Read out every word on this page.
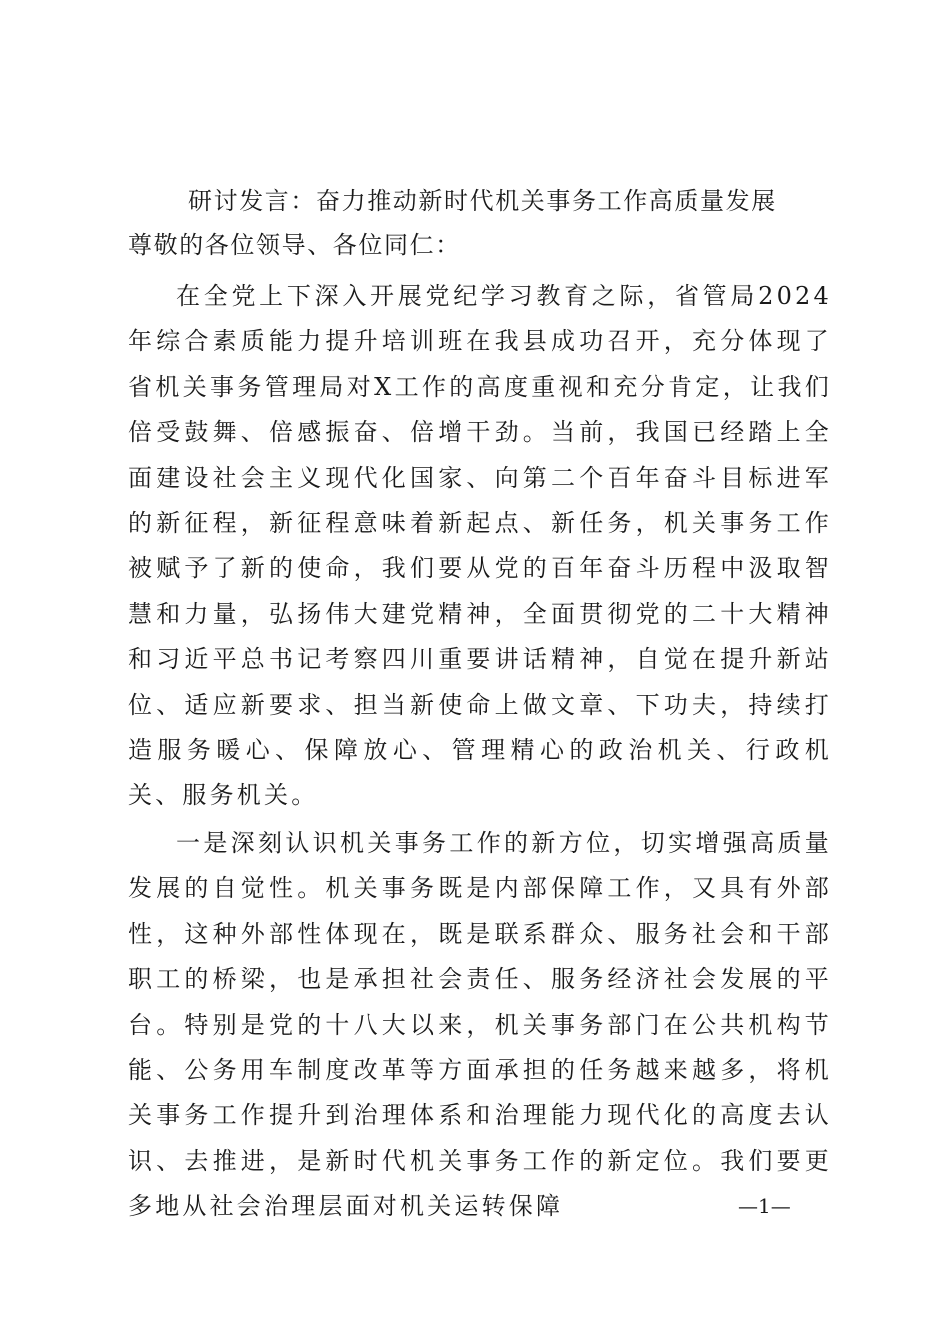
研讨发言：奋力推动新时代机关事务工作高质量发展
尊敬的各位领导、各位同仁：

在全党上下深入开展党纪学习教育之际，省管局2024年综合素质能力提升培训班在我县成功召开，充分体现了省机关事务管理局对X工作的高度重视和充分肯定，让我们倍受鼓舞、倍感振奋、倍增干劲。当前，我国已经踏上全面建设社会主义现代化国家、向第二个百年奋斗目标进军的新征程，新征程意味着新起点、新任务，机关事务工作被赋予了新的使命，我们要从党的百年奋斗历程中汲取智慧和力量，弘扬伟大建党精神，全面贯彻党的二十大精神和习近平总书记考察四川重要讲话精神，自觉在提升新站位、适应新要求、担当新使命上做文章、下功夫，持续打造服务暖心、保障放心、管理精心的政治机关、行政机关、服务机关。

一是深刻认识机关事务工作的新方位，切实增强高质量发展的自觉性。机关事务既是内部保障工作，又具有外部性，这种外部性体现在，既是联系群众、服务社会和干部职工的桥梁，也是承担社会责任、服务经济社会发展的平台。特别是党的十八大以来，机关事务部门在公共机构节能、公务用车制度改革等方面承担的任务越来越多，将机关事务工作提升到治理体系和治理能力现代化的高度去认识、去推进，是新时代机关事务工作的新定位。我们要更多地从社会治理层面对机关运转保障	—1—
